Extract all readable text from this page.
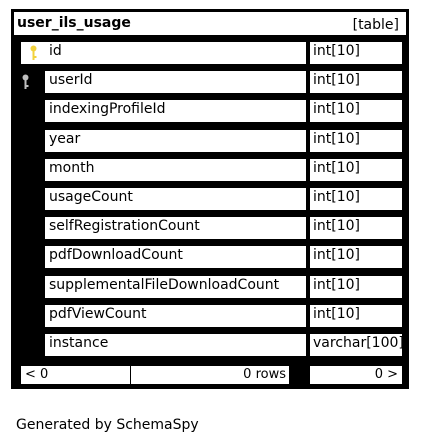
user_ils_usage	[table]
id	int[10]
userId	int[10]
indexingProfileId	int[10]
year	int[10]
month	int[10]
usageCount	int[10]
selfRegistrationCount	int[10]
pdfDownloadCount	int[10]
supplementalFileDownloadCount int[10]
pdfViewCount	int[10]
instance	varchar[100]
< 0	0 rows	0 >
Generated by SchemaSpy
